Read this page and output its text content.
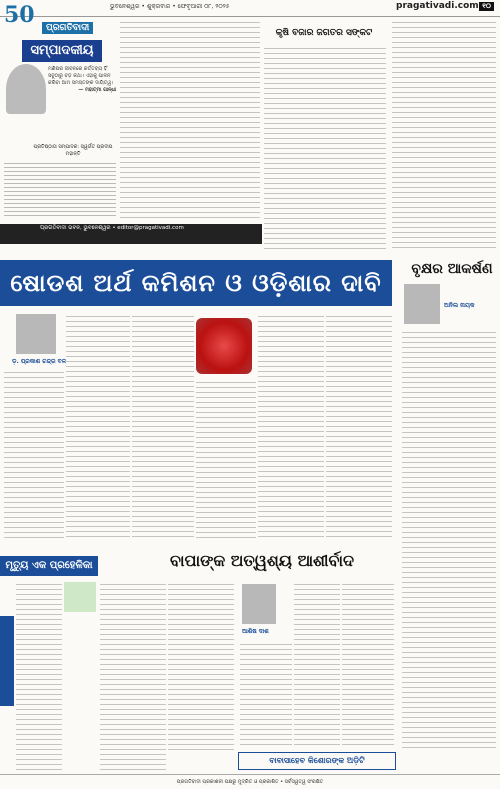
ଭୁବନେଶ୍ୱର • ଶୁକ୍ରବାର • ଫେବୃଆରୀ ୦୮, ୨୦୨୫	pragativadi.com ୧୦
50	ପ୍ରଗତିବାଦୀ
ସମ୍ପାଦକୀୟ
ମଣିଷର ଜୀବନରେ କର୍ତ୍ତବ୍ୟ ହିଁ ସବୁଠାରୁ ବଡ଼ କଥା। ଏହାକୁ ପାଳନ କରିବା ଆମ ସମସ୍ତଙ୍କ ଦାୟିତ୍ୱ।
— ମହାତ୍ମା ଗାନ୍ଧୀ
ପ୍ରତିଷ୍ଠାତା ସମ୍ପାଦକ: ସ୍ୱର୍ଗତ ପ୍ରଦୀପ ମହାନ୍ତି
ପ୍ରଗତିବାଦୀ ଭବନ, ଭୁବନେଶ୍ୱର • editor@pragativadi.com
କୃଷି ବଜାର ଜଗତର ସଙ୍କଟ
ଷୋଡଶ ଅର୍ଥ କମିଶନ ଓ ଓଡ଼ିଶାର ଦାବି	ବୃକ୍ଷର ଆକର୍ଷଣ
ଅନିଲ ନାୟକ
ଡ଼. ପ୍ରକାଶ ଚନ୍ଦ୍ର ବଳ
ମୃତ୍ୟୁ ଏକ ପ୍ରହେଳିକା	ବାପାଙ୍କ ଅତ୍ୱଶ୍ୟ ଆଶୀର୍ବାଦ
ଆଶିଷ ଦାଶ
ବାବାସାହେବ କିଶୋରଙ୍କ ଅଡ଼ିଟି
ପ୍ରଗତିବାଦୀ ପ୍ରକାଶନୀ ପକ୍ଷରୁ ମୁଦ୍ରିତ ଓ ପ୍ରକାଶିତ • ସର୍ବସ୍ୱତ୍ୱ ସଂରକ୍ଷିତ
